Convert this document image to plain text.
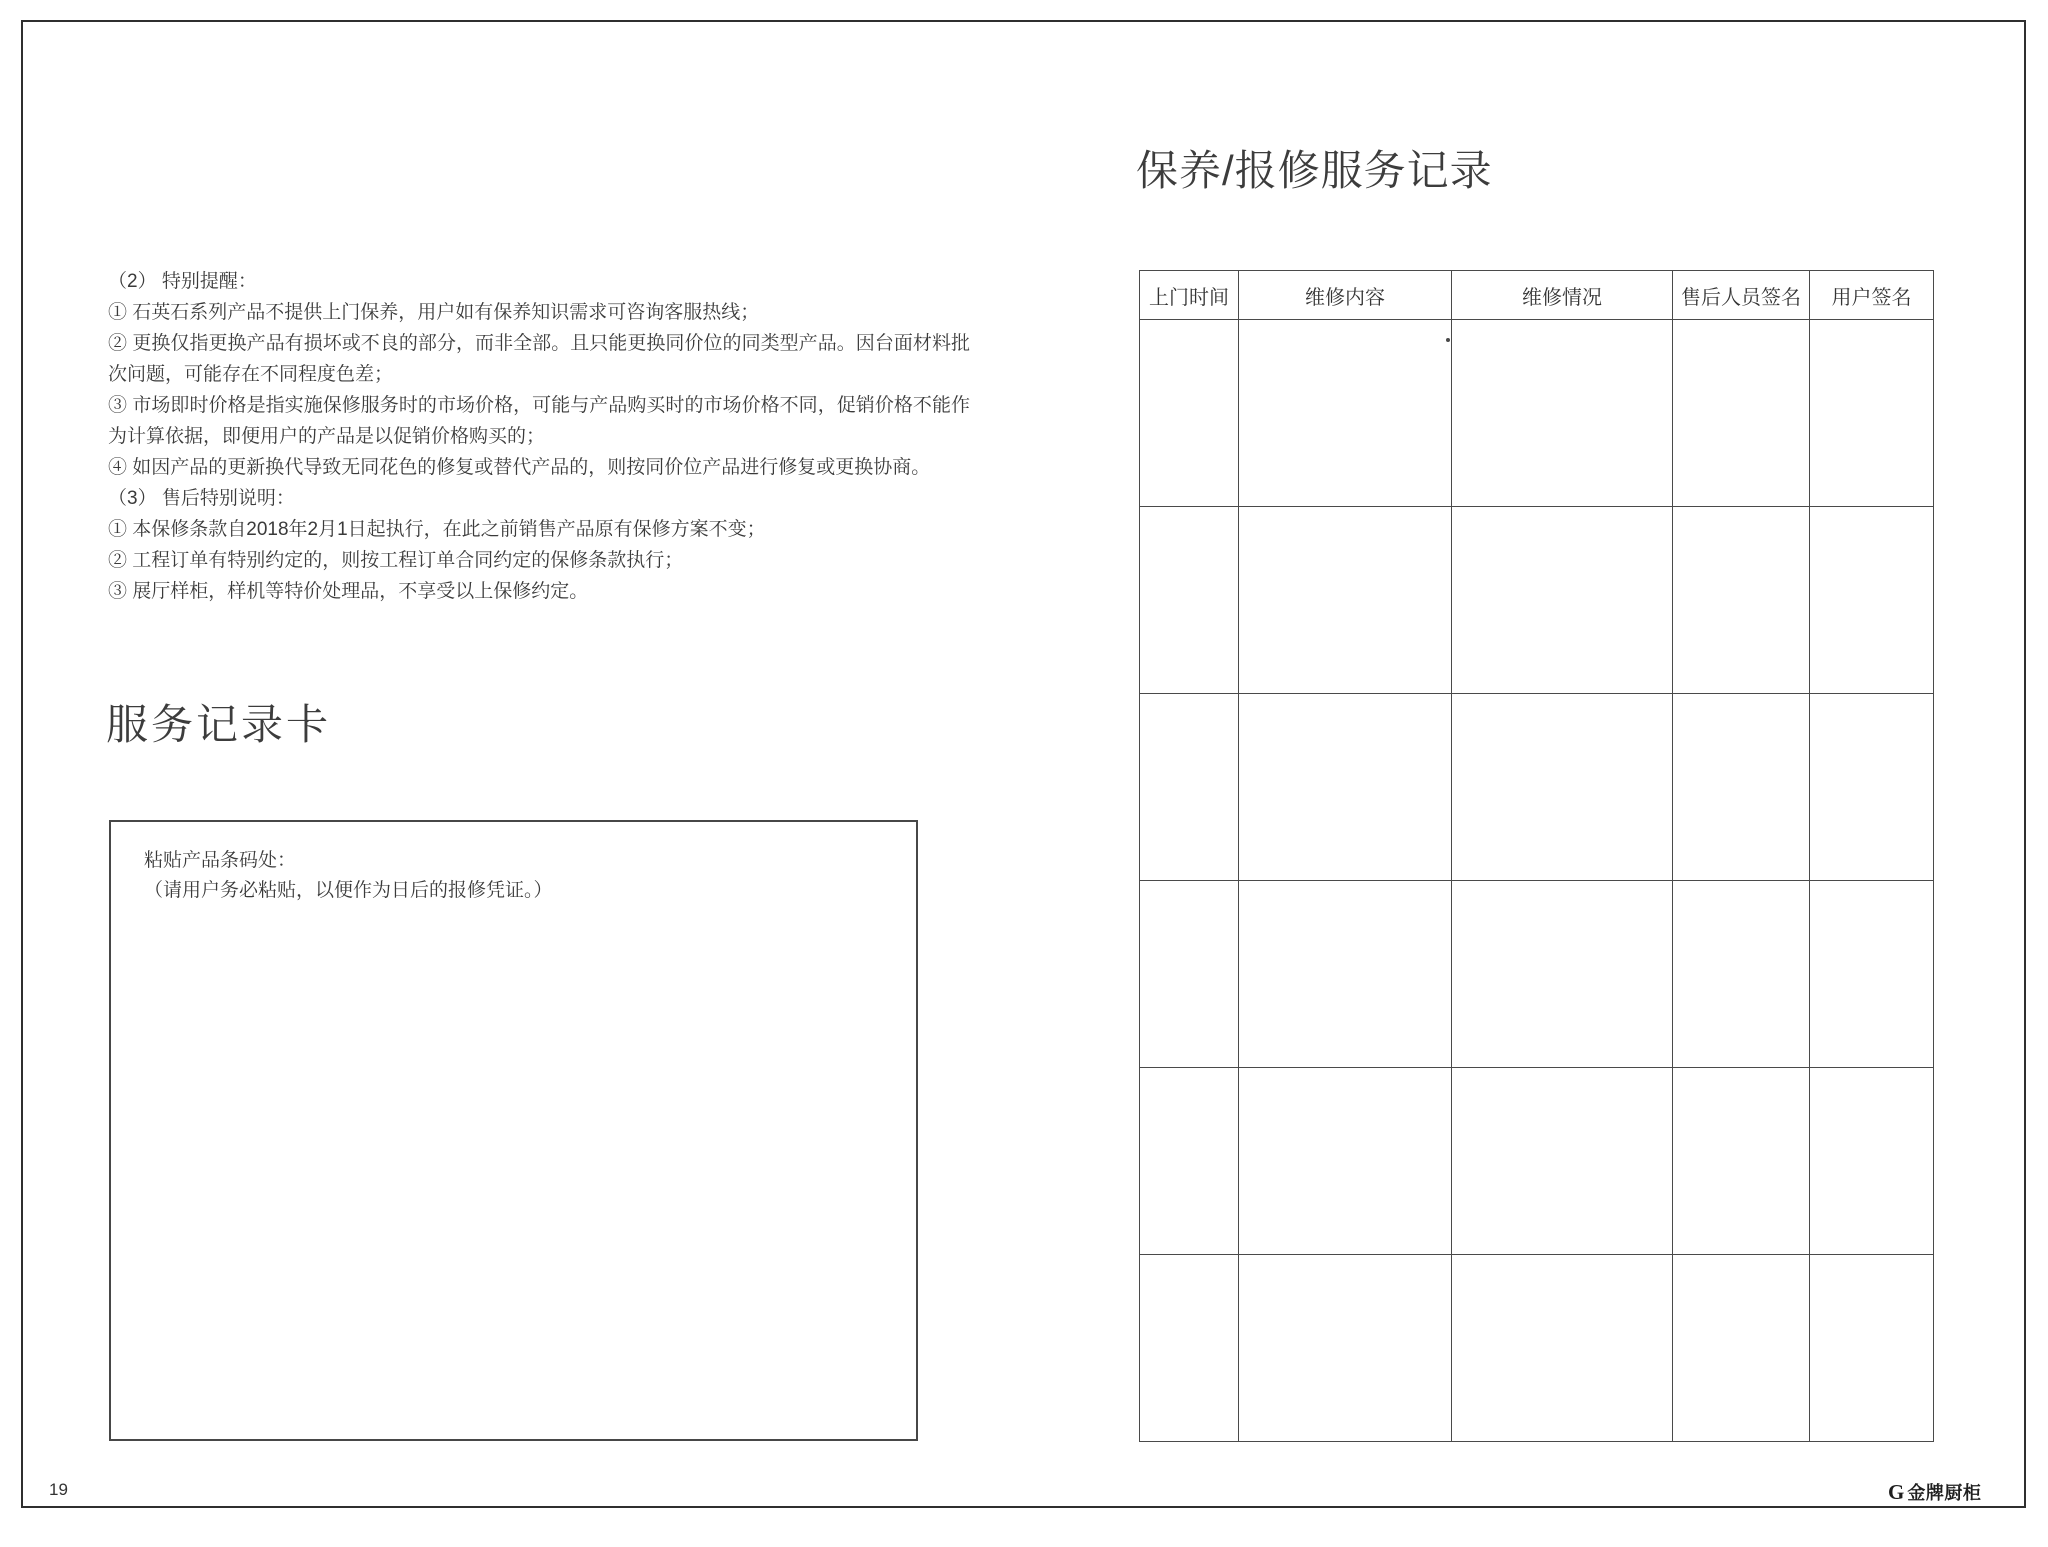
（2） 特别提醒：

① 石英石系列产品不提供上门保养，用户如有保养知识需求可咨询客服热线；

② 更换仅指更换产品有损坏或不良的部分，而非全部。且只能更换同价位的同类型产品。因台面材料批次问题，可能存在不同程度色差；

③ 市场即时价格是指实施保修服务时的市场价格，可能与产品购买时的市场价格不同，促销价格不能作为计算依据，即便用户的产品是以促销价格购买的；

④ 如因产品的更新换代导致无同花色的修复或替代产品的，则按同价位产品进行修复或更换协商。

（3） 售后特别说明：

① 本保修条款自2018年2月1日起执行，在此之前销售产品原有保修方案不变；

② 工程订单有特别约定的，则按工程订单合同约定的保修条款执行；

③ 展厅样柜，样机等特价处理品，不享受以上保修约定。

服务记录卡
粘贴产品条码处：
（请用户务必粘贴，以便作为日后的报修凭证。）
保养/报修服务记录
上门时间	维修内容	维修情况	售后人员签名	用户签名

19	G 金牌厨柜
